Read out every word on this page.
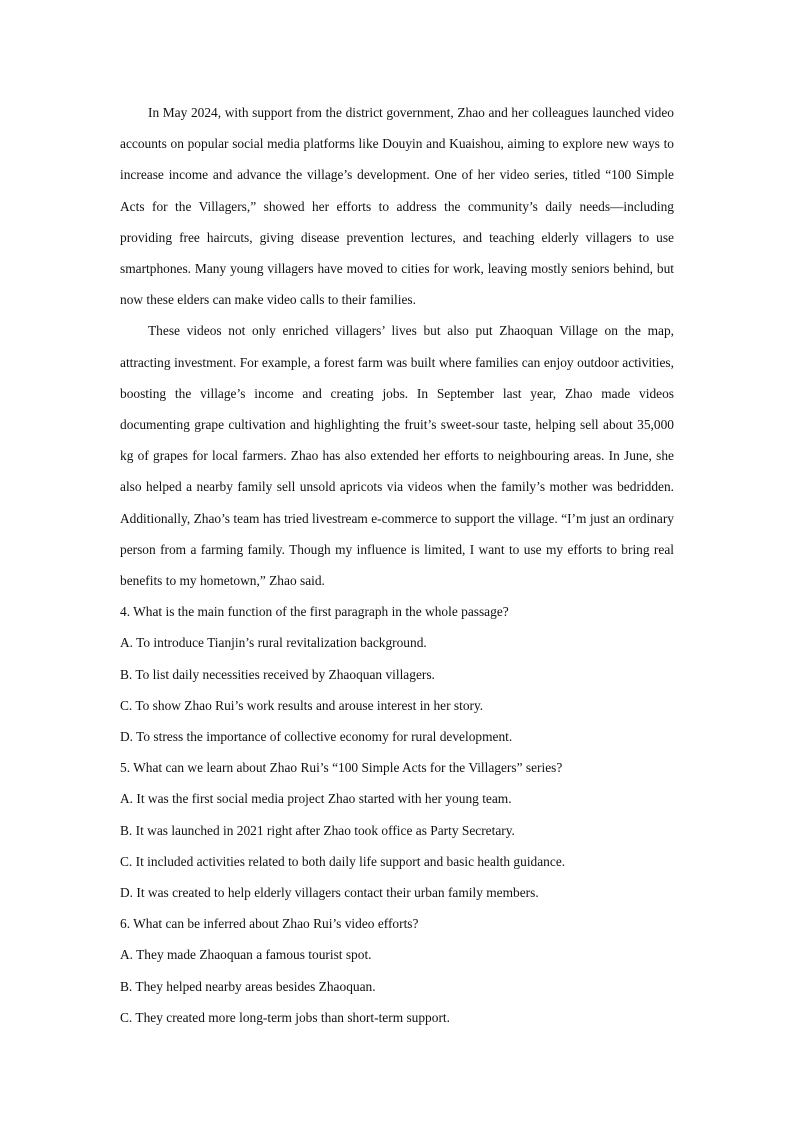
In May 2024, with support from the district government, Zhao and her colleagues launched video accounts on popular social media platforms like Douyin and Kuaishou, aiming to explore new ways to increase income and advance the village’s development. One of her video series, titled “100 Simple Acts for the Villagers,” showed her efforts to address the community’s daily needs—including providing free haircuts, giving disease prevention lectures, and teaching elderly villagers to use smartphones. Many young villagers have moved to cities for work, leaving mostly seniors behind, but now these elders can make video calls to their families.

These videos not only enriched villagers’ lives but also put Zhaoquan Village on the map, attracting investment. For example, a forest farm was built where families can enjoy outdoor activities, boosting the village’s income and creating jobs. In September last year, Zhao made videos documenting grape cultivation and highlighting the fruit’s sweet-sour taste, helping sell about 35,000 kg of grapes for local farmers. Zhao has also extended her efforts to neighbouring areas. In June, she also helped a nearby family sell unsold apricots via videos when the family’s mother was bedridden. Additionally, Zhao’s team has tried livestream e-commerce to support the village. “I’m just an ordinary person from a farming family. Though my influence is limited, I want to use my efforts to bring real benefits to my hometown,” Zhao said.

4. What is the main function of the first paragraph in the whole passage?

A. To introduce Tianjin’s rural revitalization background.

B. To list daily necessities received by Zhaoquan villagers.

C. To show Zhao Rui’s work results and arouse interest in her story.

D. To stress the importance of collective economy for rural development.

5. What can we learn about Zhao Rui’s “100 Simple Acts for the Villagers” series?

A. It was the first social media project Zhao started with her young team.

B. It was launched in 2021 right after Zhao took office as Party Secretary.

C. It included activities related to both daily life support and basic health guidance.

D. It was created to help elderly villagers contact their urban family members.

6. What can be inferred about Zhao Rui’s video efforts?

A. They made Zhaoquan a famous tourist spot.

B. They helped nearby areas besides Zhaoquan.

C. They created more long-term jobs than short-term support.
